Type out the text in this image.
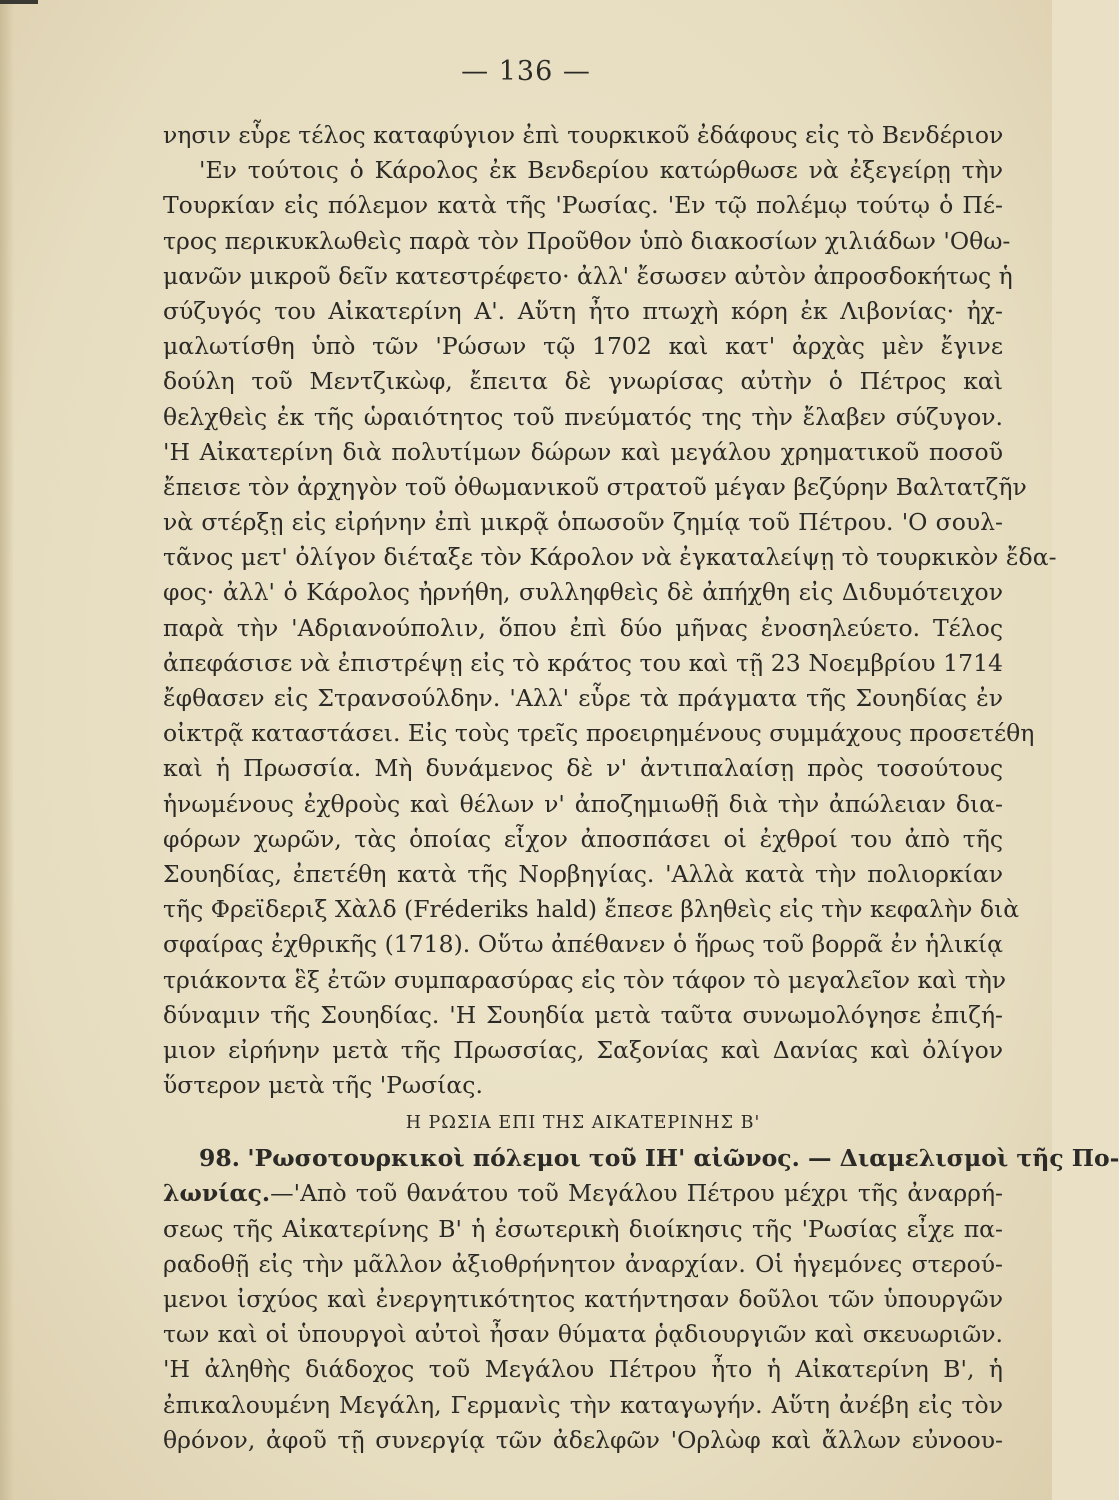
— 136 —
νησιν εὗρε τέλος καταφύγιον ἐπὶ τουρκικοῦ ἐδάφους εἰς τὸ Βενδέριον
'Εν τούτοις ὁ Κάρολος ἐκ Βενδερίου κατώρθωσε νὰ ἐξεγείρῃ τὴν
Τουρκίαν εἰς πόλεμον κατὰ τῆς 'Ρωσίας. 'Εν τῷ πολέμῳ τούτῳ ὁ Πέ-
τρος περικυκλωθεὶς παρὰ τὸν Προῦθον ὑπὸ διακοσίων χιλιάδων 'Οθω-
μανῶν μικροῦ δεῖν κατεστρέφετο· ἀλλ' ἔσωσεν αὐτὸν ἀπροσδοκήτως ἡ
σύζυγός του Αἰκατερίνη Α'. Αὕτη ἦτο πτωχὴ κόρη ἐκ Λιβονίας· ἠχ-
μαλωτίσθη ὑπὸ τῶν 'Ρώσων τῷ 1702 καὶ κατ' ἀρχὰς μὲν ἔγινε
δούλη τοῦ Μεντζικὼφ, ἔπειτα δὲ γνωρίσας αὐτὴν ὁ Πέτρος καὶ
θελχθεὶς ἐκ τῆς ὡραιότητος τοῦ πνεύματός της τὴν ἔλαβεν σύζυγον.
'Η Αἰκατερίνη διὰ πολυτίμων δώρων καὶ μεγάλου χρηματικοῦ ποσοῦ
ἔπεισε τὸν ἀρχηγὸν τοῦ ὀθωμανικοῦ στρατοῦ μέγαν βεζύρην Βαλτατζῆν
νὰ στέρξῃ εἰς εἰρήνην ἐπὶ μικρᾷ ὁπωσοῦν ζημίᾳ τοῦ Πέτρου. 'Ο σουλ-
τᾶνος μετ' ὀλίγον διέταξε τὸν Κάρολον νὰ ἐγκαταλείψῃ τὸ τουρκικὸν ἔδα-
φος· ἀλλ' ὁ Κάρολος ἠρνήθη, συλληφθεὶς δὲ ἀπήχθη εἰς Διδυμότειχον
παρὰ τὴν 'Αδριανούπολιν, ὅπου ἐπὶ δύο μῆνας ἐνοσηλεύετο. Τέλος
ἀπεφάσισε νὰ ἐπιστρέψῃ εἰς τὸ κράτος του καὶ τῇ 23 Νοεμβρίου 1714
ἔφθασεν εἰς Στρανσούλδην. 'Αλλ' εὗρε τὰ πράγματα τῆς Σουηδίας ἐν
οἰκτρᾷ καταστάσει. Εἰς τοὺς τρεῖς προειρημένους συμμάχους προσετέθη
καὶ ἡ Πρωσσία. Μὴ δυνάμενος δὲ ν' ἀντιπαλαίσῃ πρὸς τοσούτους
ἡνωμένους ἐχθροὺς καὶ θέλων ν' ἀποζημιωθῇ διὰ τὴν ἀπώλειαν δια-
φόρων χωρῶν, τὰς ὁποίας εἶχον ἀποσπάσει οἱ ἐχθροί του ἀπὸ τῆς
Σουηδίας, ἐπετέθη κατὰ τῆς Νορβηγίας. 'Αλλὰ κατὰ τὴν πολιορκίαν
τῆς Φρεϊδεριξ Χὰλδ (Fréderiks hald) ἔπεσε βληθεὶς εἰς τὴν κεφαλὴν διὰ
σφαίρας ἐχθρικῆς (1718). Οὕτω ἀπέθανεν ὁ ἥρως τοῦ βορρᾶ ἐν ἡλικίᾳ
τριάκοντα ἓξ ἐτῶν συμπαρασύρας εἰς τὸν τάφον τὸ μεγαλεῖον καὶ τὴν
δύναμιν τῆς Σουηδίας. 'Η Σουηδία μετὰ ταῦτα συνωμολόγησε ἐπιζή-
μιον εἰρήνην μετὰ τῆς Πρωσσίας, Σαξονίας καὶ Δανίας καὶ ὀλίγον
ὕστερον μετὰ τῆς 'Ρωσίας.
Η ΡΩΣΙΑ ΕΠΙ ΤΗΣ ΑΙΚΑΤΕΡΙΝΗΣ Β'
98. 'Ρωσοτουρκικοὶ πόλεμοι τοῦ ΙΗ' αἰῶνος. — Διαμελισμοὶ τῆς Πο-
λωνίας.—'Απὸ τοῦ θανάτου τοῦ Μεγάλου Πέτρου μέχρι τῆς ἀναρρή-
σεως τῆς Αἰκατερίνης Β' ἡ ἐσωτερικὴ διοίκησις τῆς 'Ρωσίας εἶχε πα-
ραδοθῇ εἰς τὴν μᾶλλον ἀξιοθρήνητον ἀναρχίαν. Οἱ ἡγεμόνες στερού-
μενοι ἰσχύος καὶ ἐνεργητικότητος κατήντησαν δοῦλοι τῶν ὑπουργῶν
των καὶ οἱ ὑπουργοὶ αὐτοὶ ἦσαν θύματα ῥᾳδιουργιῶν καὶ σκευωριῶν.
'Η ἀληθὴς διάδοχος τοῦ Μεγάλου Πέτρου ἦτο ἡ Αἰκατερίνη Β', ἡ
ἐπικαλουμένη Μεγάλη, Γερμανὶς τὴν καταγωγήν. Αὕτη ἀνέβη εἰς τὸν
θρόνον, ἀφοῦ τῇ συνεργίᾳ τῶν ἀδελφῶν 'Ορλὼφ καὶ ἄλλων εὐνοου-
